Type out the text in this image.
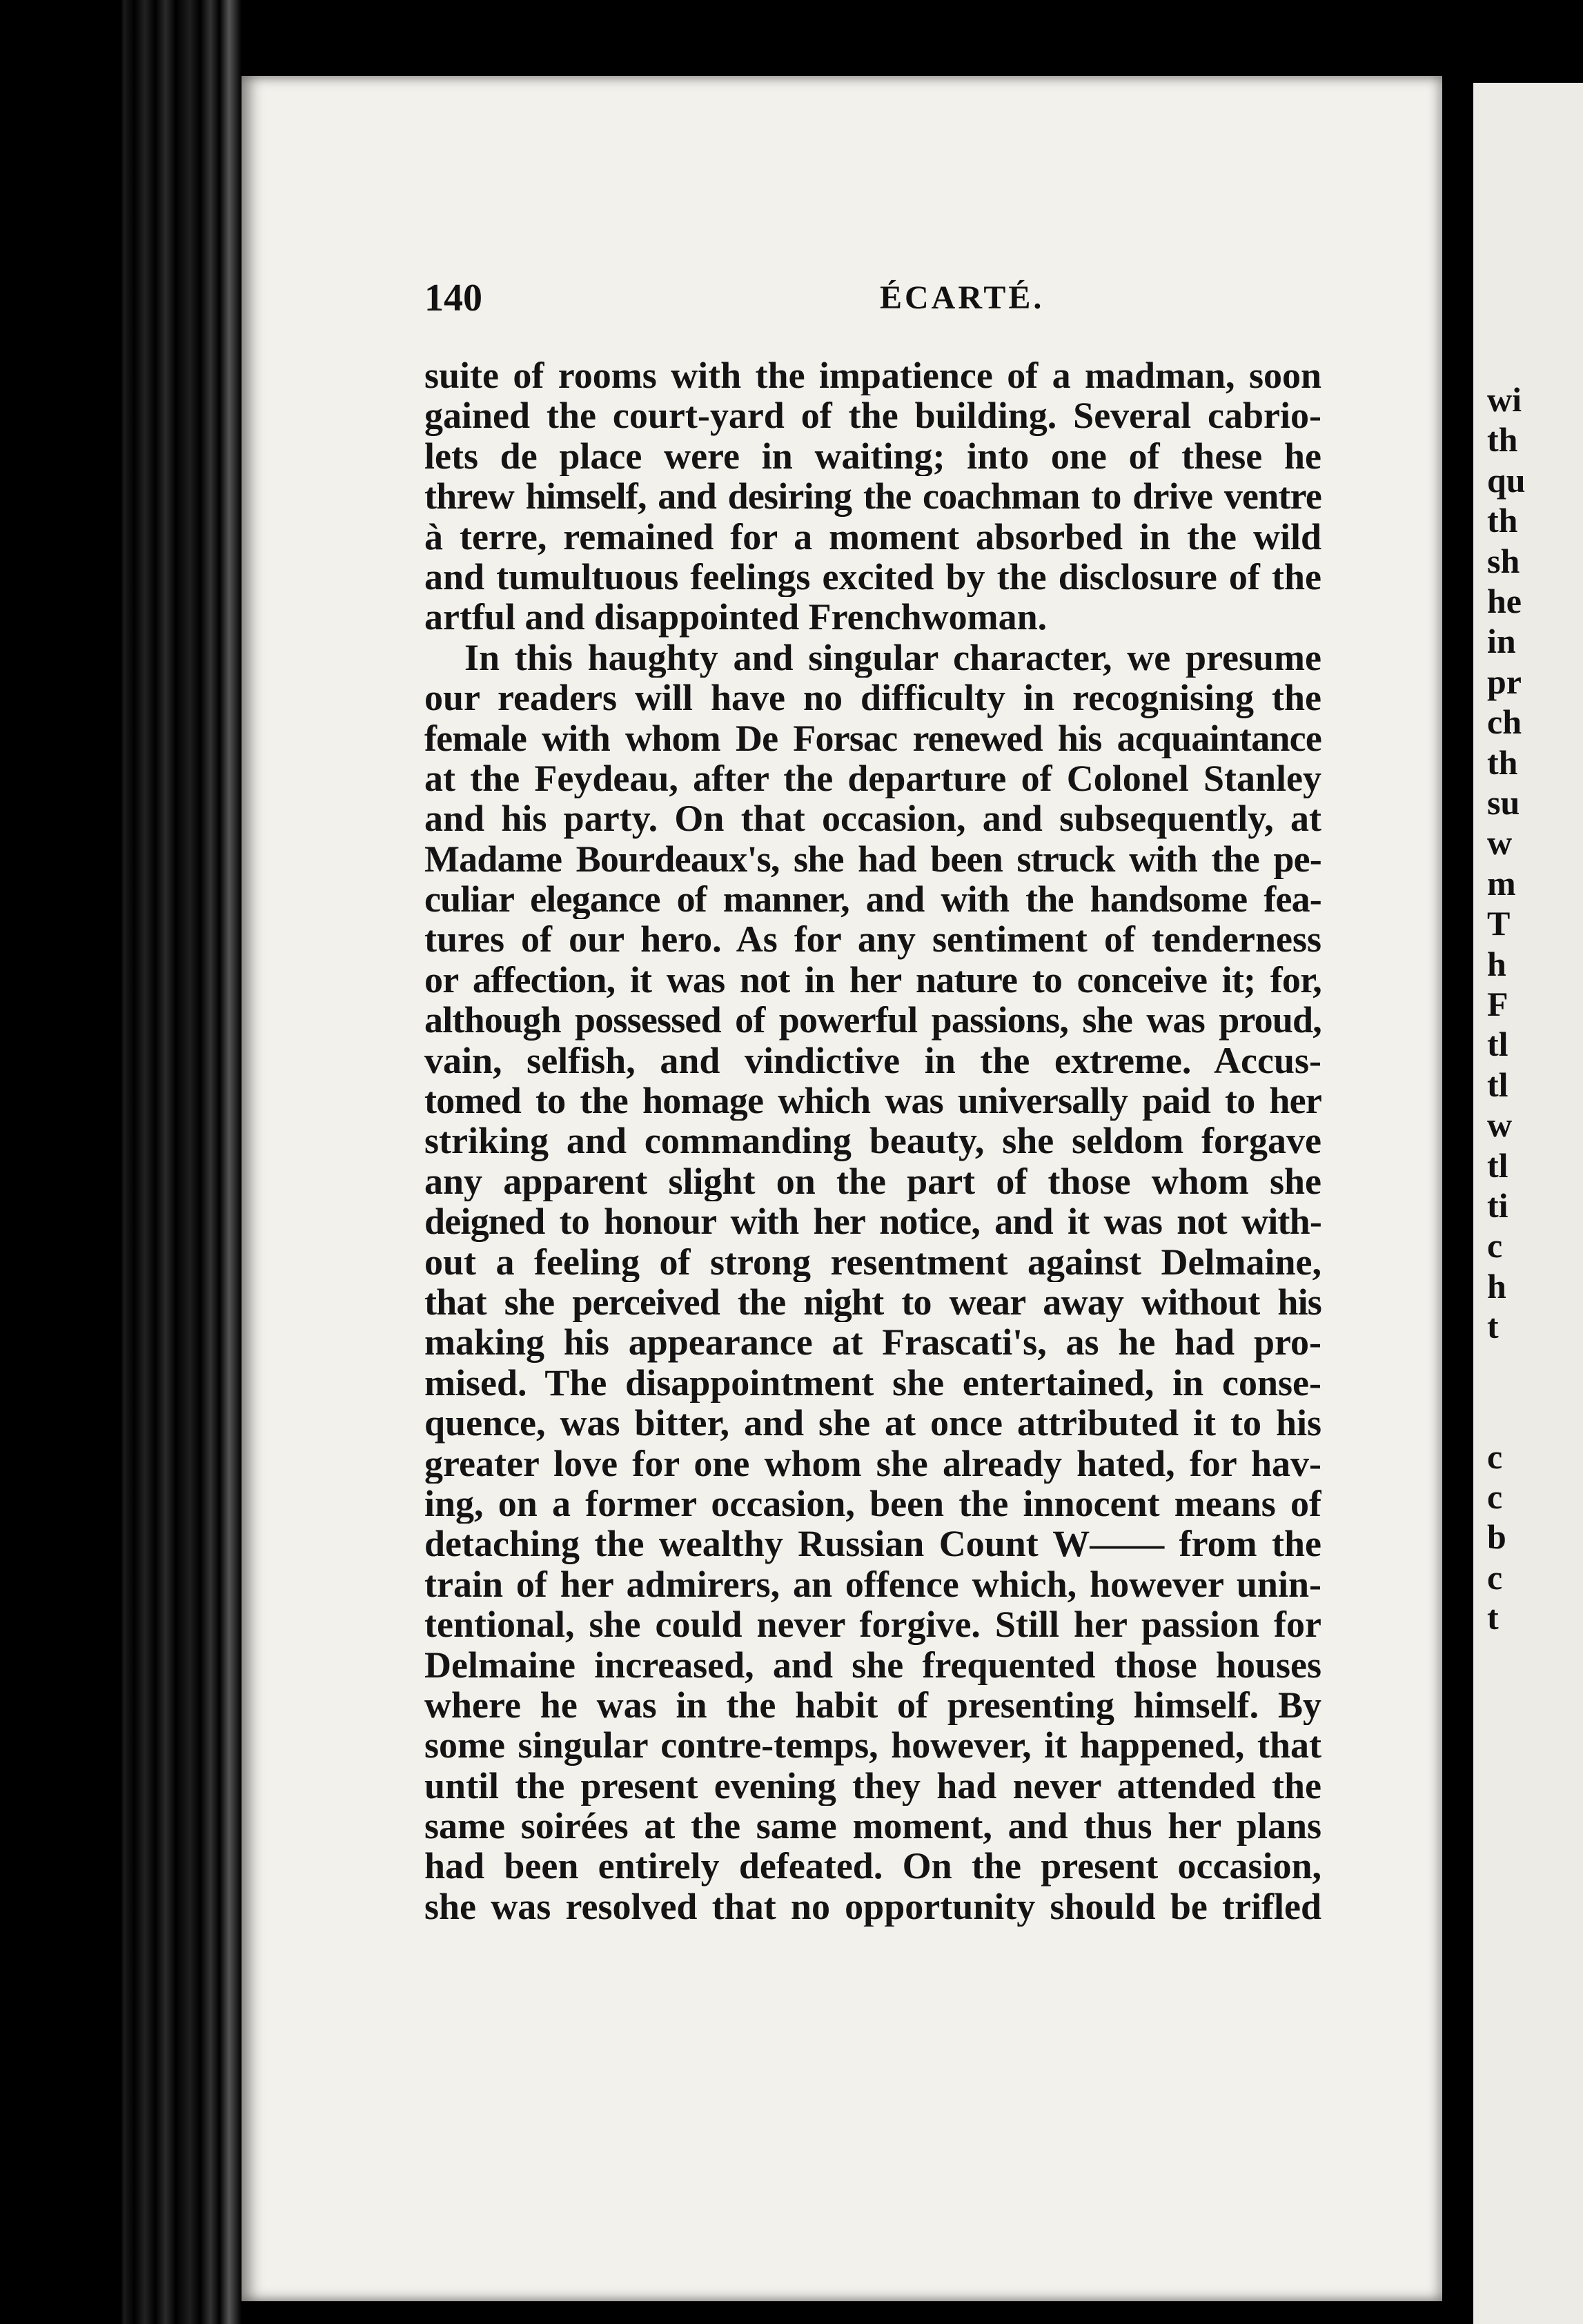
140	ÉCARTÉ.
suite of rooms with the impatience of a madman, soon
gained the court-yard of the building. Several cabrio-
lets de place were in waiting; into one of these he
threw himself, and desiring the coachman to drive ventre
à terre, remained for a moment absorbed in the wild
and tumultuous feelings excited by the disclosure of the
artful and disappointed Frenchwoman.
In this haughty and singular character, we presume
our readers will have no difficulty in recognising the
female with whom De Forsac renewed his acquaintance
at the Feydeau, after the departure of Colonel Stanley
and his party. On that occasion, and subsequently, at
Madame Bourdeaux's, she had been struck with the pe-
culiar elegance of manner, and with the handsome fea-
tures of our hero. As for any sentiment of tenderness
or affection, it was not in her nature to conceive it; for,
although possessed of powerful passions, she was proud,
vain, selfish, and vindictive in the extreme. Accus-
tomed to the homage which was universally paid to her
striking and commanding beauty, she seldom forgave
any apparent slight on the part of those whom she
deigned to honour with her notice, and it was not with-
out a feeling of strong resentment against Delmaine,
that she perceived the night to wear away without his
making his appearance at Frascati's, as he had pro-
mised. The disappointment she entertained, in conse-
quence, was bitter, and she at once attributed it to his
greater love for one whom she already hated, for hav-
ing, on a former occasion, been the innocent means of
detaching the wealthy Russian Count W—— from the
train of her admirers, an offence which, however unin-
tentional, she could never forgive. Still her passion for
Delmaine increased, and she frequented those houses
where he was in the habit of presenting himself. By
some singular contre-temps, however, it happened, that
until the present evening they had never attended the
same soirées at the same moment, and thus her plans
had been entirely defeated. On the present occasion,
she was resolved that no opportunity should be trifled
wi
th
qu
th
sh
he
in
pr
ch
th
su
w
m
T
h
F
tl
tl
w
tl
ti
c
h
t
c
c
b
c
t
